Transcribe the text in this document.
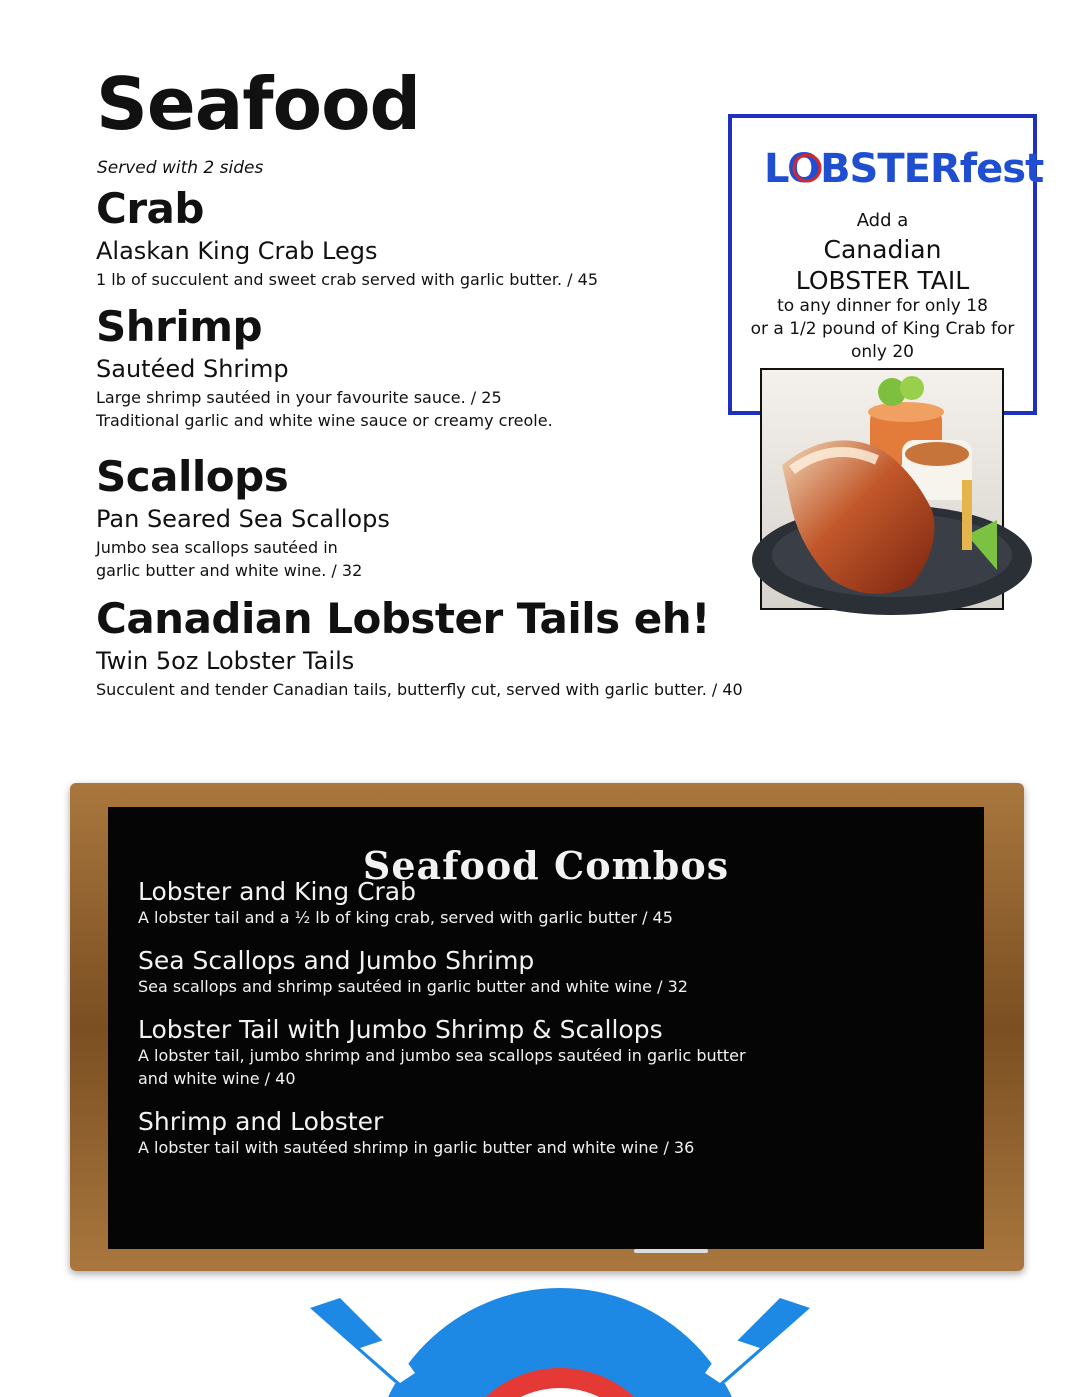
Seafood
Served with 2 sides
Crab
Alaskan King Crab Legs
1 lb of succulent and sweet crab served with garlic butter. / 45
Shrimp
Sautéed Shrimp
Large shrimp sautéed in your favourite sauce. / 25
Traditional garlic and white wine sauce or creamy creole.
Scallops
Pan Seared Sea Scallops
Jumbo sea scallops sautéed in
garlic butter and white wine. / 32
Canadian Lobster Tails eh!
Twin 5oz Lobster Tails
Succulent and tender Canadian tails, butterfly cut, served with garlic butter. / 40
LOBSTERfest
Add a
Canadian
LOBSTER TAIL
to any dinner for only 18
or a 1/2 pound of King Crab for
only 20
Seafood Combos
Lobster and King Crab
A lobster tail and a ½ lb of king crab, served with garlic butter / 45
Sea Scallops and Jumbo Shrimp
Sea scallops and shrimp sautéed in garlic butter and white wine / 32
Lobster Tail with Jumbo Shrimp & Scallops
A lobster tail, jumbo shrimp and jumbo sea scallops sautéed in garlic butter
and white wine / 40
Shrimp and Lobster
A lobster tail with sautéed shrimp in garlic butter and white wine / 36
